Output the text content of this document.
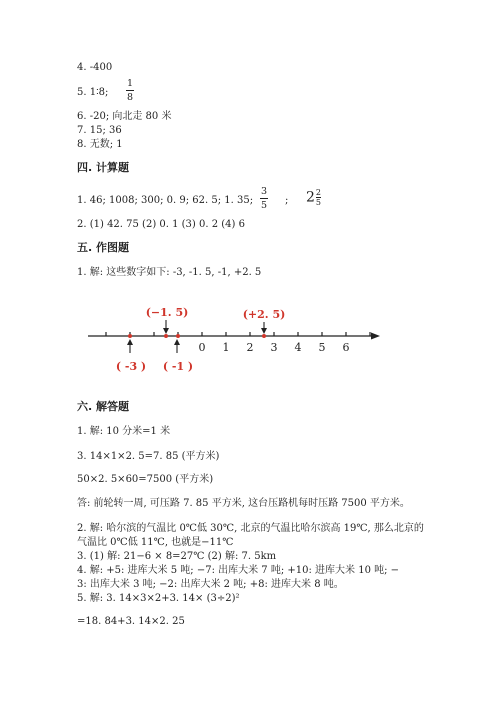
4. -400
5. 1∶8;
1
8
6. -20; 向北走 80 米
7. 15; 36
8. 无数; 1
四. 计算题
1. 46; 1008; 300; 0. 9; 62. 5; 1. 35;
3
5 ; $2 \frac{2}{5}$
2. (1) 42. 75 (2) 0. 1 (3) 0. 2 (4) 6
五. 作图题
1. 解: 这些数字如下: -3, -1. 5, -1, +2. 5
0 1 2 3 4 5 6
(−1. 5)	(+2. 5)
( -3 ) ( -1 )
六. 解答题
1. 解: 10 分米=1 米
3. 14×1×2. 5=7. 85 (平方米)
50×2. 5×60=7500 (平方米)
答: 前轮转一周, 可压路 7. 85 平方米, 这台压路机每时压路 7500 平方米。
2. 解: 哈尔滨的气温比 0℃低 30℃, 北京的气温比哈尔滨高 19℃, 那么北京的
气温比 0℃低 11℃, 也就是−11℃
3. (1) 解: 21−6 × 8=27℃ (2) 解: 7. 5km
4. 解: +5: 进库大米 5 吨; −7: 出库大米 7 吨; +10: 进库大米 10 吨; −
3: 出库大米 3 吨; −2: 出库大米 2 吨; +8: 进库大米 8 吨。
5. 解: 3. 14×3×2+3. 14× (3÷2)²
=18. 84+3. 14×2. 25
